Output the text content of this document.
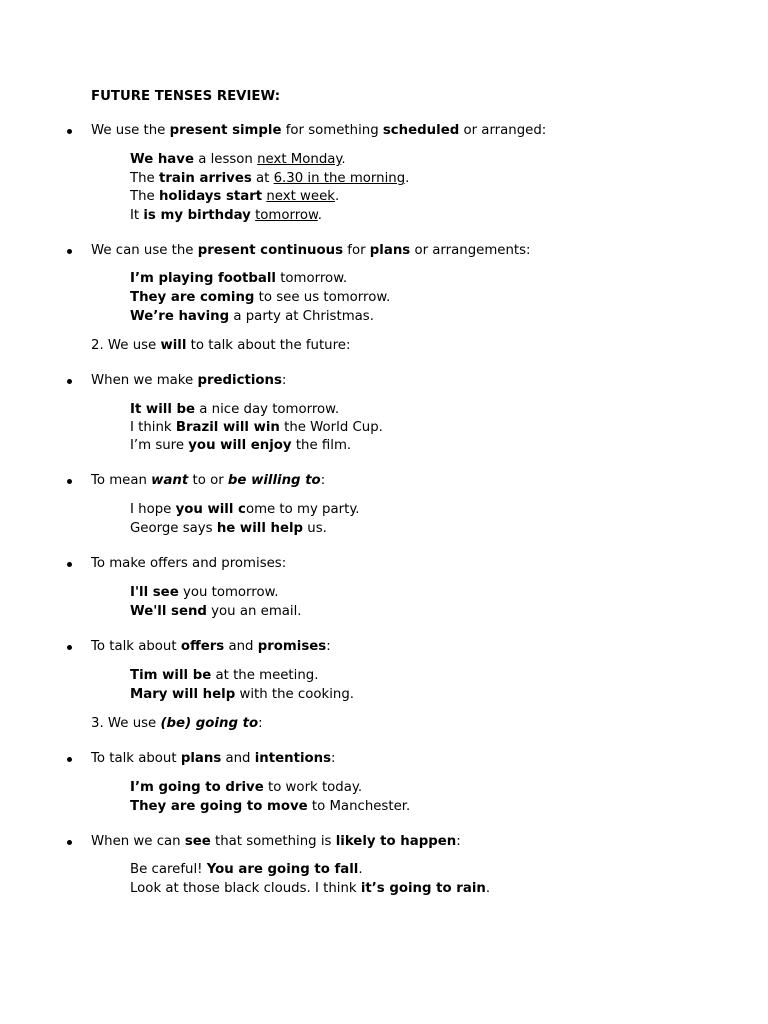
FUTURE TENSES REVIEW:
We use the present simple for something scheduled or arranged:
We have a lesson next Monday.
The train arrives at 6.30 in the morning.
The holidays start next week.
It is my birthday tomorrow.
We can use the present continuous for plans or arrangements:
I’m playing football tomorrow.
They are coming to see us tomorrow.
We’re having a party at Christmas.
2. We use will to talk about the future:
When we make predictions:
It will be a nice day tomorrow.
I think Brazil will win the World Cup.
I’m sure you will enjoy the film.
To mean want to or be willing to:
I hope you will come to my party.
George says he will help us.
To make offers and promises:
I'll see you tomorrow.
We'll send you an email.
To talk about offers and promises:
Tim will be at the meeting.
Mary will help with the cooking.
3. We use (be) going to:
To talk about plans and intentions:
I’m going to drive to work today.
They are going to move to Manchester.
When we can see that something is likely to happen:
Be careful! You are going to fall.
Look at those black clouds. I think it’s going to rain.
